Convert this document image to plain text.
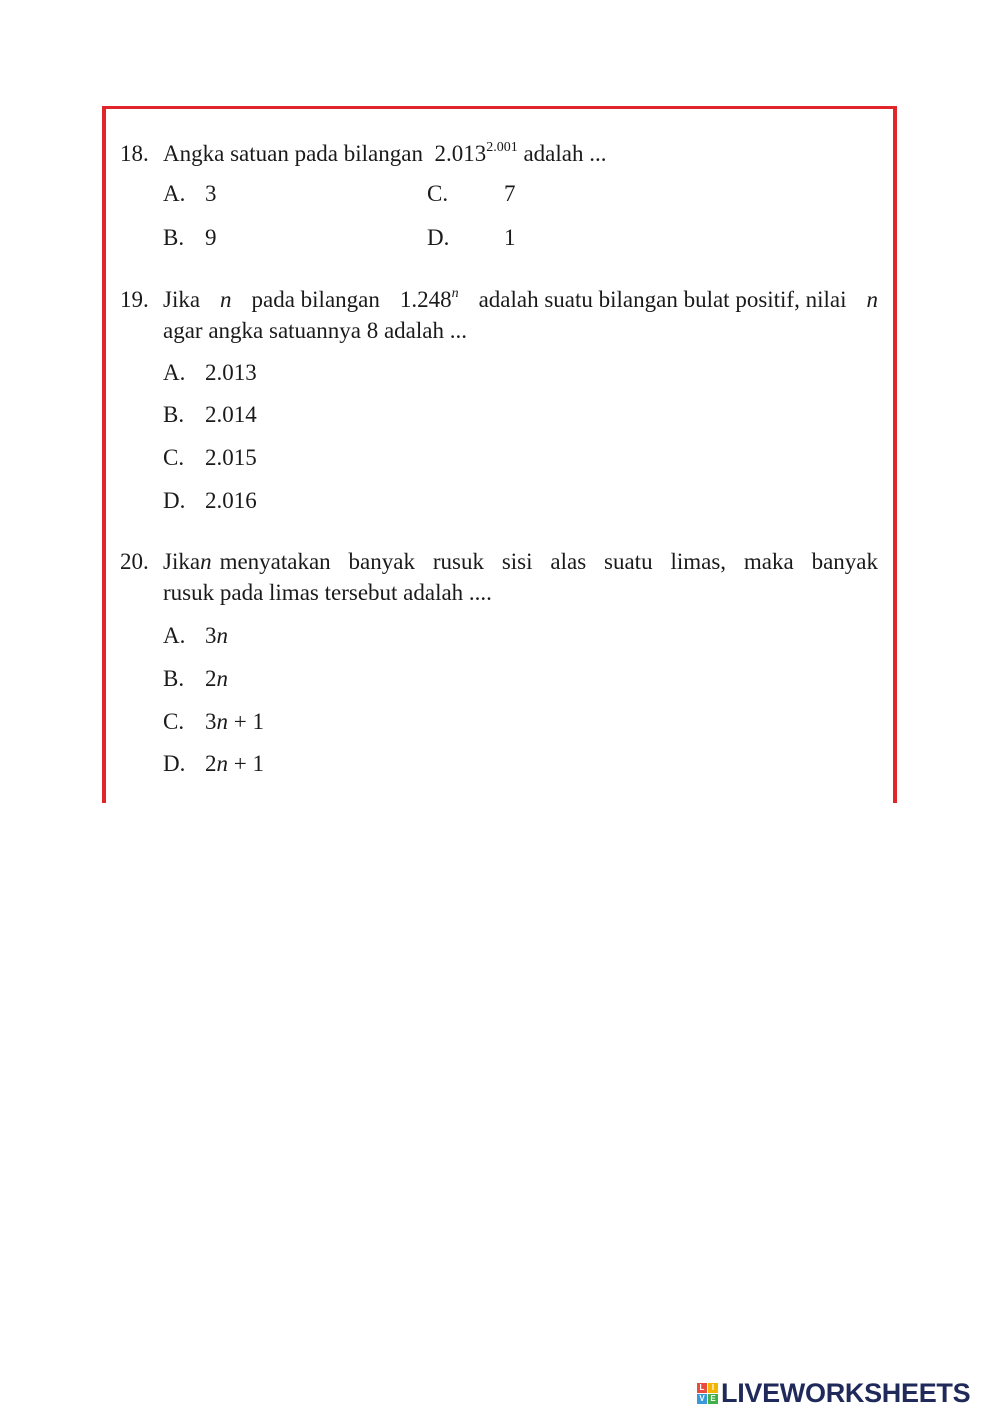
18. Angka satuan pada bilangan $2.013^{2.001}$ adalah ...
A. 3
B. 9
C. 7
D. 1
19. Jika n pada bilangan 1.248$^n$ adalah suatu bilangan bulat positif, nilai n
agar angka satuannya 8 adalah ...
A. 2.013
B. 2.014
C. 2.015
D. 2.016
20. Jika n menyatakan banyak rusuk sisi alas suatu limas, maka banyak
rusuk pada limas tersebut adalah ....
A. 3n
B. 2n
C. 3n + 1
D. 2n + 1
L I
V E LIVEWORKSHEETS
